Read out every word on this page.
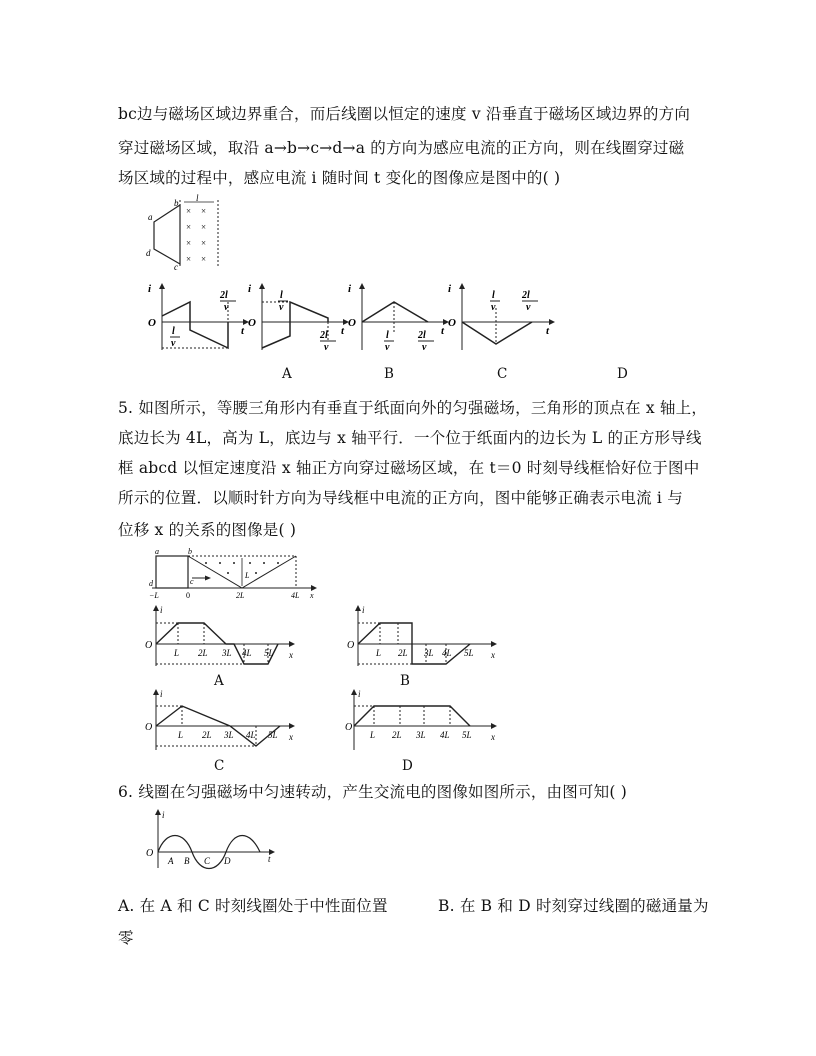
bc边与磁场区域边界重合，而后线圈以恒定的速度 v 沿垂直于磁场区域边界的方向
穿过磁场区域，取沿 a→b→c→d→a 的方向为感应电流的正方向，则在线圈穿过磁
场区域的过程中，感应电流 i 随时间 t 变化的图像应是图中的( )
a
b
c
d
l
× ×
× ×
× ×
× ×
i
O
t
l
v
2l
v
i
O
t
l
v
2l
v
i
O
t
l
v
2l
v
i
O
t
l
v
2l
v
A	B	C	D
5. 如图所示，等腰三角形内有垂直于纸面向外的匀强磁场，三角形的顶点在 x 轴上，
底边长为 4L，高为 L，底边与 x 轴平行．一个位于纸面内的边长为 L 的正方形导线
框 abcd 以恒定速度沿 x 轴正方向穿过磁场区域，在 t＝0 时刻导线框恰好位于图中
所示的位置．以顺时针方向为导线框中电流的正方向，图中能够正确表示电流 i 与
位移 x 的关系的图像是( )
a	b
c
d
−L	0	2L	4L
L
x
i
O
x
L 2L 3L 4L 5L
A
i
O
x
L 2L 3L 4L 5L
B
i
O
x
L 2L 3L 4L 5L
C
i
O
x
L 2L 3L 4L 5L
D
6. 线圈在匀强磁场中匀速转动，产生交流电的图像如图所示，由图可知( )
i
O	t
A B C D
A. 在 A 和 C 时刻线圈处于中性面位置	B. 在 B 和 D 时刻穿过线圈的磁通量为
零
